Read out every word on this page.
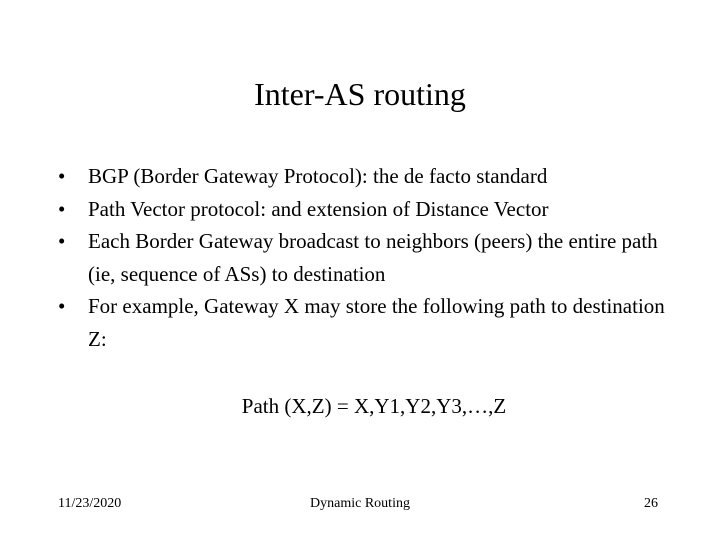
Inter-AS routing
•	BGP (Border Gateway Protocol): the de facto standard
•	Path Vector protocol: and extension of Distance Vector
•	Each Border Gateway broadcast to neighbors (peers) the entire path (ie, sequence of ASs) to destination
•	For example, Gateway X may store the following path to destination Z:
Path (X,Z) = X,Y1,Y2,Y3,…,Z
11/23/2020	Dynamic Routing	26
